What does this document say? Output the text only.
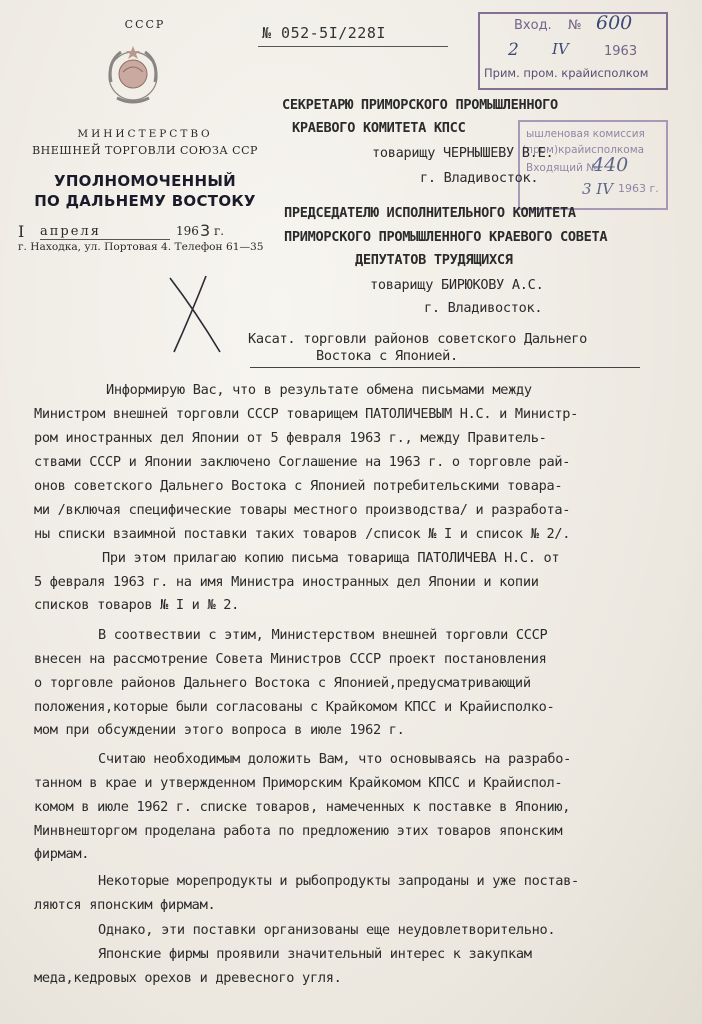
СССР
МИНИСТЕРСТВО
ВНЕШНЕЙ ТОРГОВЛИ СОЮЗА ССР
УПОЛНОМОЧЕННЫЙ
ПО ДАЛЬНЕМУ ВОСТОКУ
I апреля	196 3 г.
г. Находка, ул. Портовая 4. Телефон 61—35
№ 052-5I/228I	Вход. № 600
2 IV	1963
Прим. пром. крайисполком
ышленовая комиссия
(пром)крайисполкома
Входящий №
440
3 IV 1963 г.
СЕКРЕТАРЮ ПРИМОРСКОГО ПРОМЫШЛЕННОГО
КРАЕВОГО КОМИТЕТА КПСС
товарищу ЧЕРНЫШЕВУ В.Е.
г. Владивосток.
ПРЕДСЕДАТЕЛЮ ИСПОЛНИТЕЛЬНОГО КОМИТЕТА
ПРИМОРСКОГО ПРОМЫШЛЕННОГО КРАЕВОГО СОВЕТА
ДЕПУТАТОВ ТРУДЯЩИХСЯ
товарищу БИРЮКОВУ А.С.
г. Владивосток.
Касат. торговли районов советского Дальнего
Востока с Японией.
Информирую Вас, что в результате обмена письмами между
Министром внешней торговли СССР товарищем ПАТОЛИЧЕВЫМ Н.С. и Министр-
ром иностранных дел Японии от 5 февраля 1963 г., между Правитель-
ствами СССР и Японии заключено Соглашение на 1963 г. о торговле рай-
онов советского Дальнего Востока с Японией потребительскими товара-
ми /включая специфические товары местного производства/ и разработа-
ны списки взаимной поставки таких товаров /список № I и список № 2/.
При этом прилагаю копию письма товарища ПАТОЛИЧЕВА Н.С. от
5 февраля 1963 г. на имя Министра иностранных дел Японии и копии
списков товаров № I и № 2.
В соотвествии с этим, Министерством внешней торговли СССР
внесен на рассмотрение Совета Министров СССР проект постановления
о торговле районов Дальнего Востока с Японией,предусматривающий
положения,которые были согласованы с Крайкомом КПСС и Крайисполко-
мом при обсуждении этого вопроса в июле 1962 г.
Считаю необходимым доложить Вам, что основываясь на разрабо-
танном в крае и утвержденном Приморским Крайкомом КПСС и Крайиспол-
комом в июле 1962 г. списке товаров, намеченных к поставке в Японию,
Минвнешторгом проделана работа по предложению этих товаров японским
фирмам.
Некоторые морепродукты и рыбопродукты запроданы и уже постав-
ляются японским фирмам.
Однако, эти поставки организованы еще неудовлетворительно.
Японские фирмы проявили значительный интерес к закупкам
меда,кедровых орехов и древесного угля.
